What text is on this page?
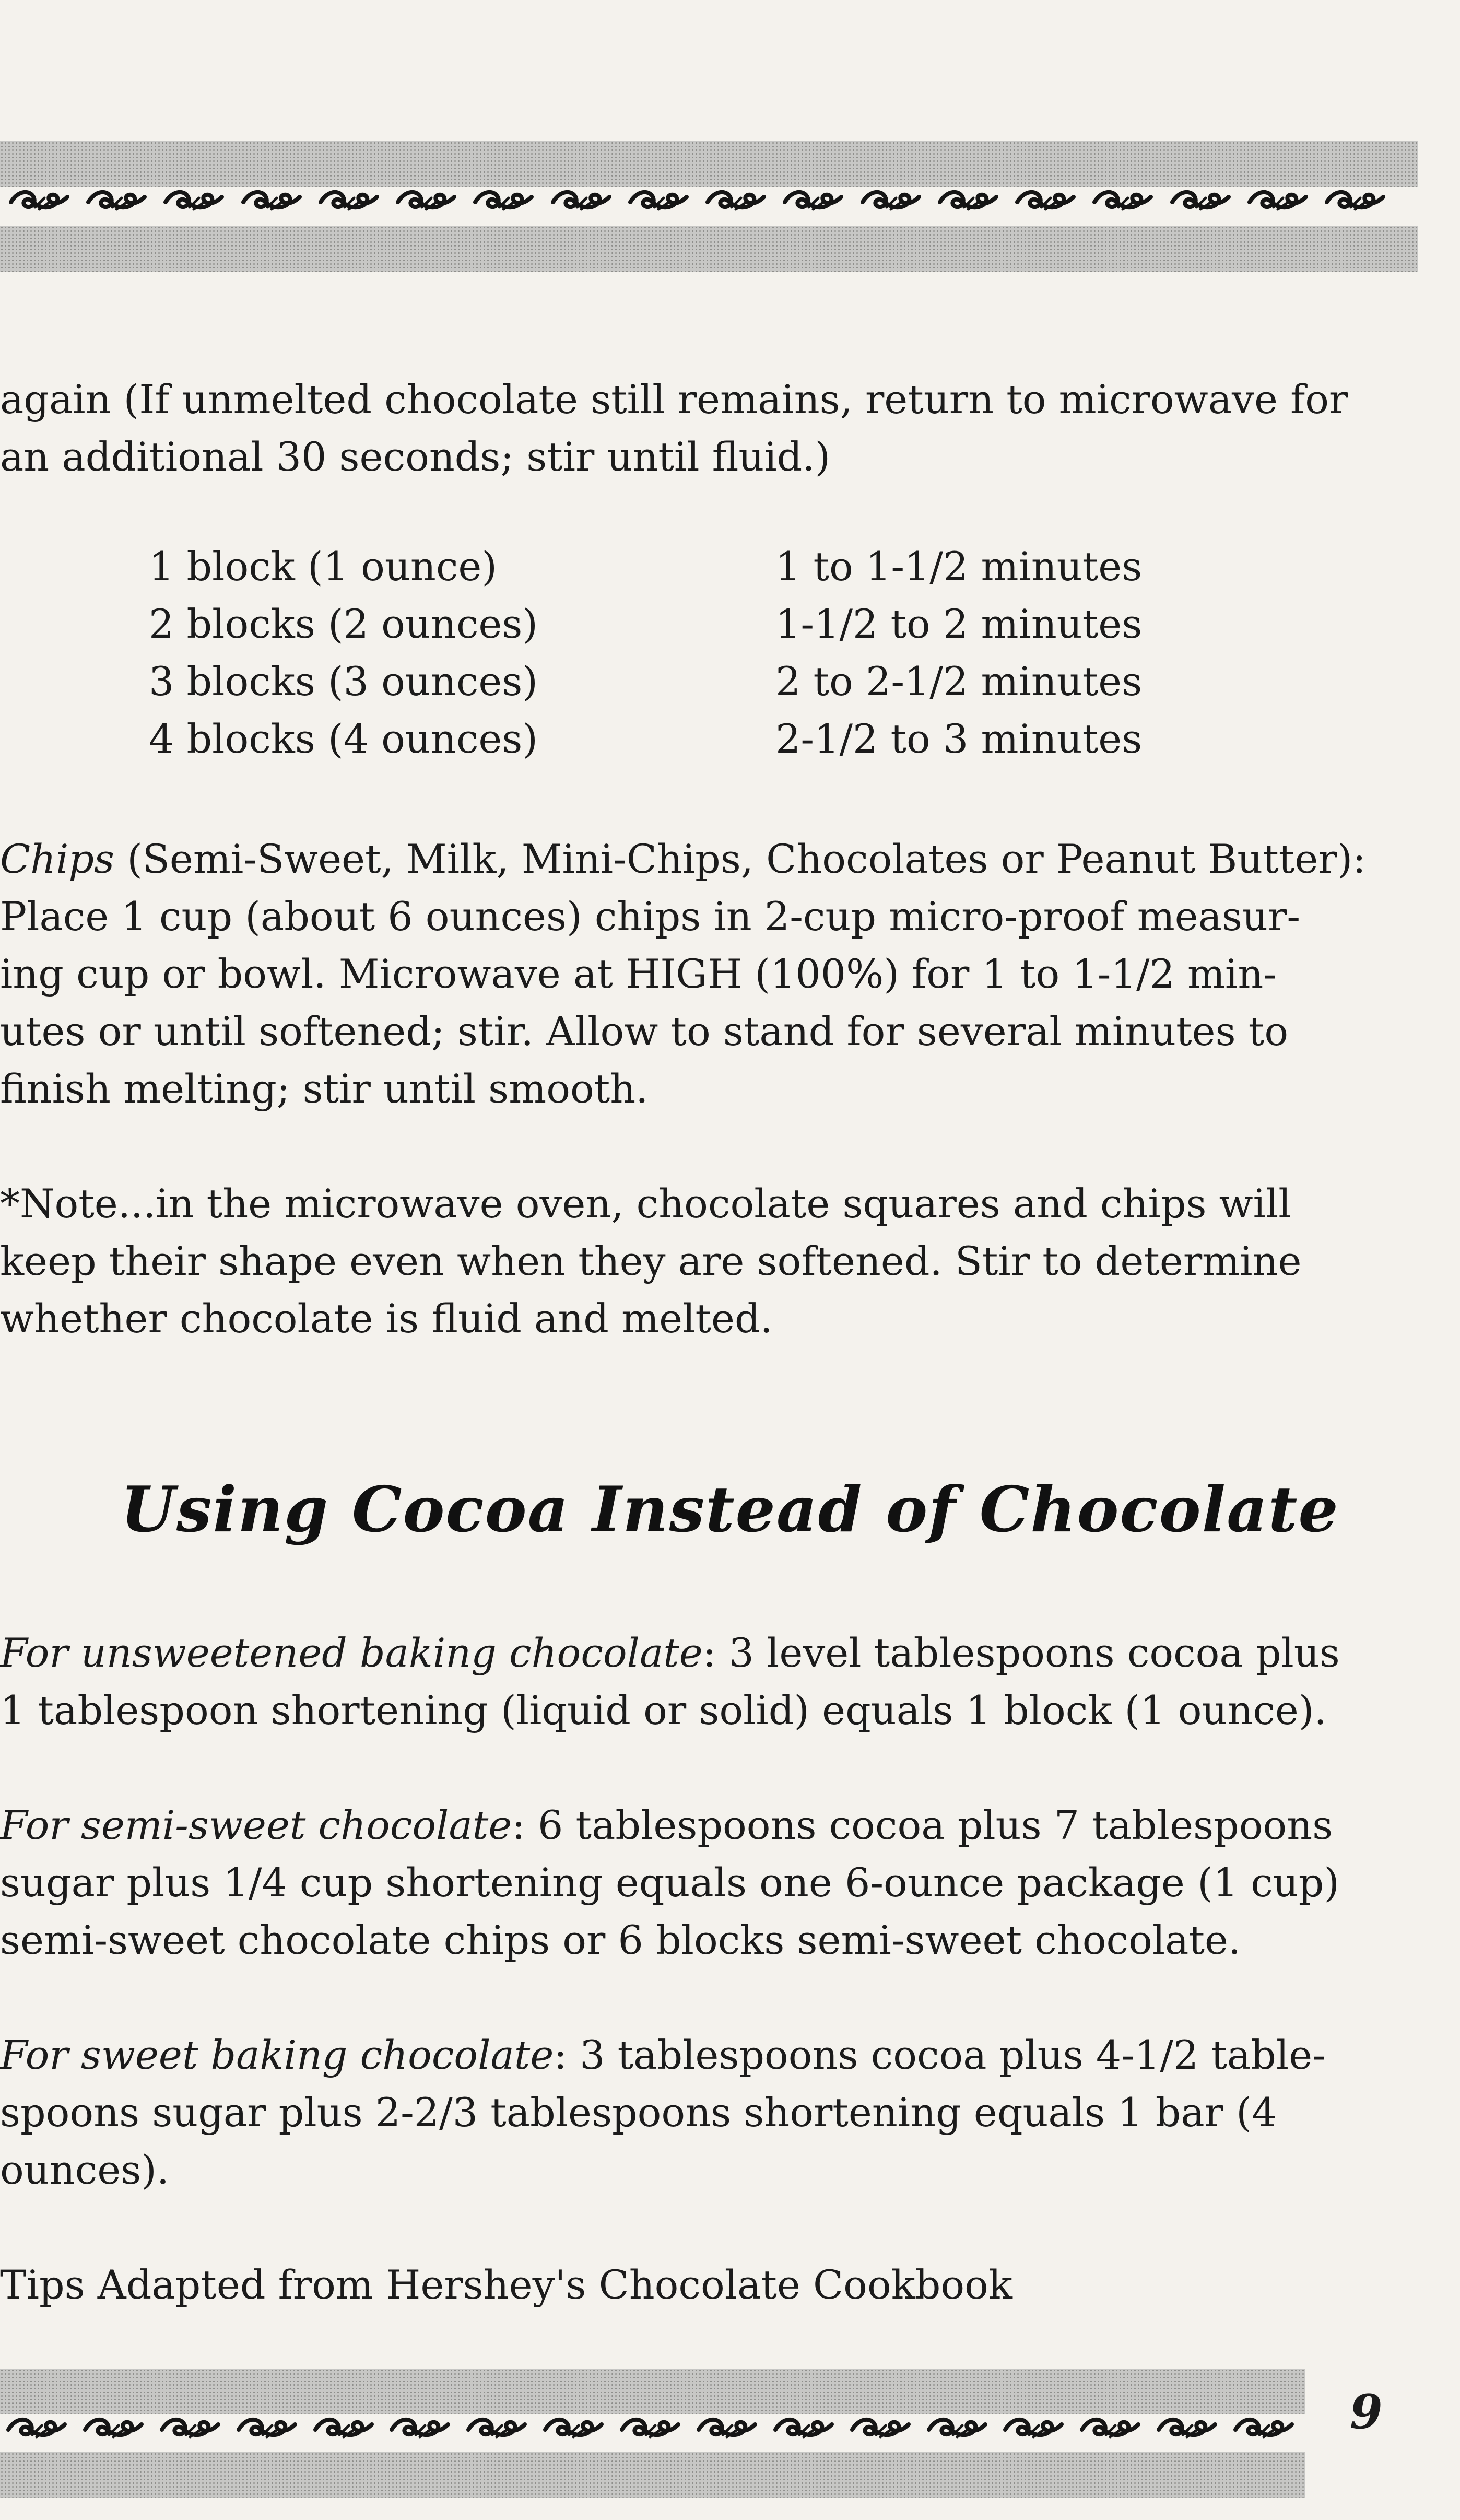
again (If unmelted chocolate still remains, return to microwave for
an additional 30 seconds; stir until fluid.)
1 block (1 ounce)	1 to 1-1/2 minutes
2 blocks (2 ounces)	1-1/2 to 2 minutes
3 blocks (3 ounces)	2 to 2-1/2 minutes
4 blocks (4 ounces)	2-1/2 to 3 minutes
Chips (Semi-Sweet, Milk, Mini-Chips, Chocolates or Peanut Butter):
Place 1 cup (about 6 ounces) chips in 2-cup micro-proof measur-
ing cup or bowl. Microwave at HIGH (100%) for 1 to 1-1/2 min-
utes or until softened; stir. Allow to stand for several minutes to
finish melting; stir until smooth.
*Note...in the microwave oven, chocolate squares and chips will
keep their shape even when they are softened. Stir to determine
whether chocolate is fluid and melted.
Using Cocoa Instead of Chocolate
For unsweetened baking chocolate: 3 level tablespoons cocoa plus
1 tablespoon shortening (liquid or solid) equals 1 block (1 ounce).
For semi-sweet chocolate: 6 tablespoons cocoa plus 7 tablespoons
sugar plus 1/4 cup shortening equals one 6-ounce package (1 cup)
semi-sweet chocolate chips or 6 blocks semi-sweet chocolate.
For sweet baking chocolate: 3 tablespoons cocoa plus 4-1/2 table-
spoons sugar plus 2-2/3 tablespoons shortening equals 1 bar (4
ounces).
Tips Adapted from Hershey's Chocolate Cookbook
9
